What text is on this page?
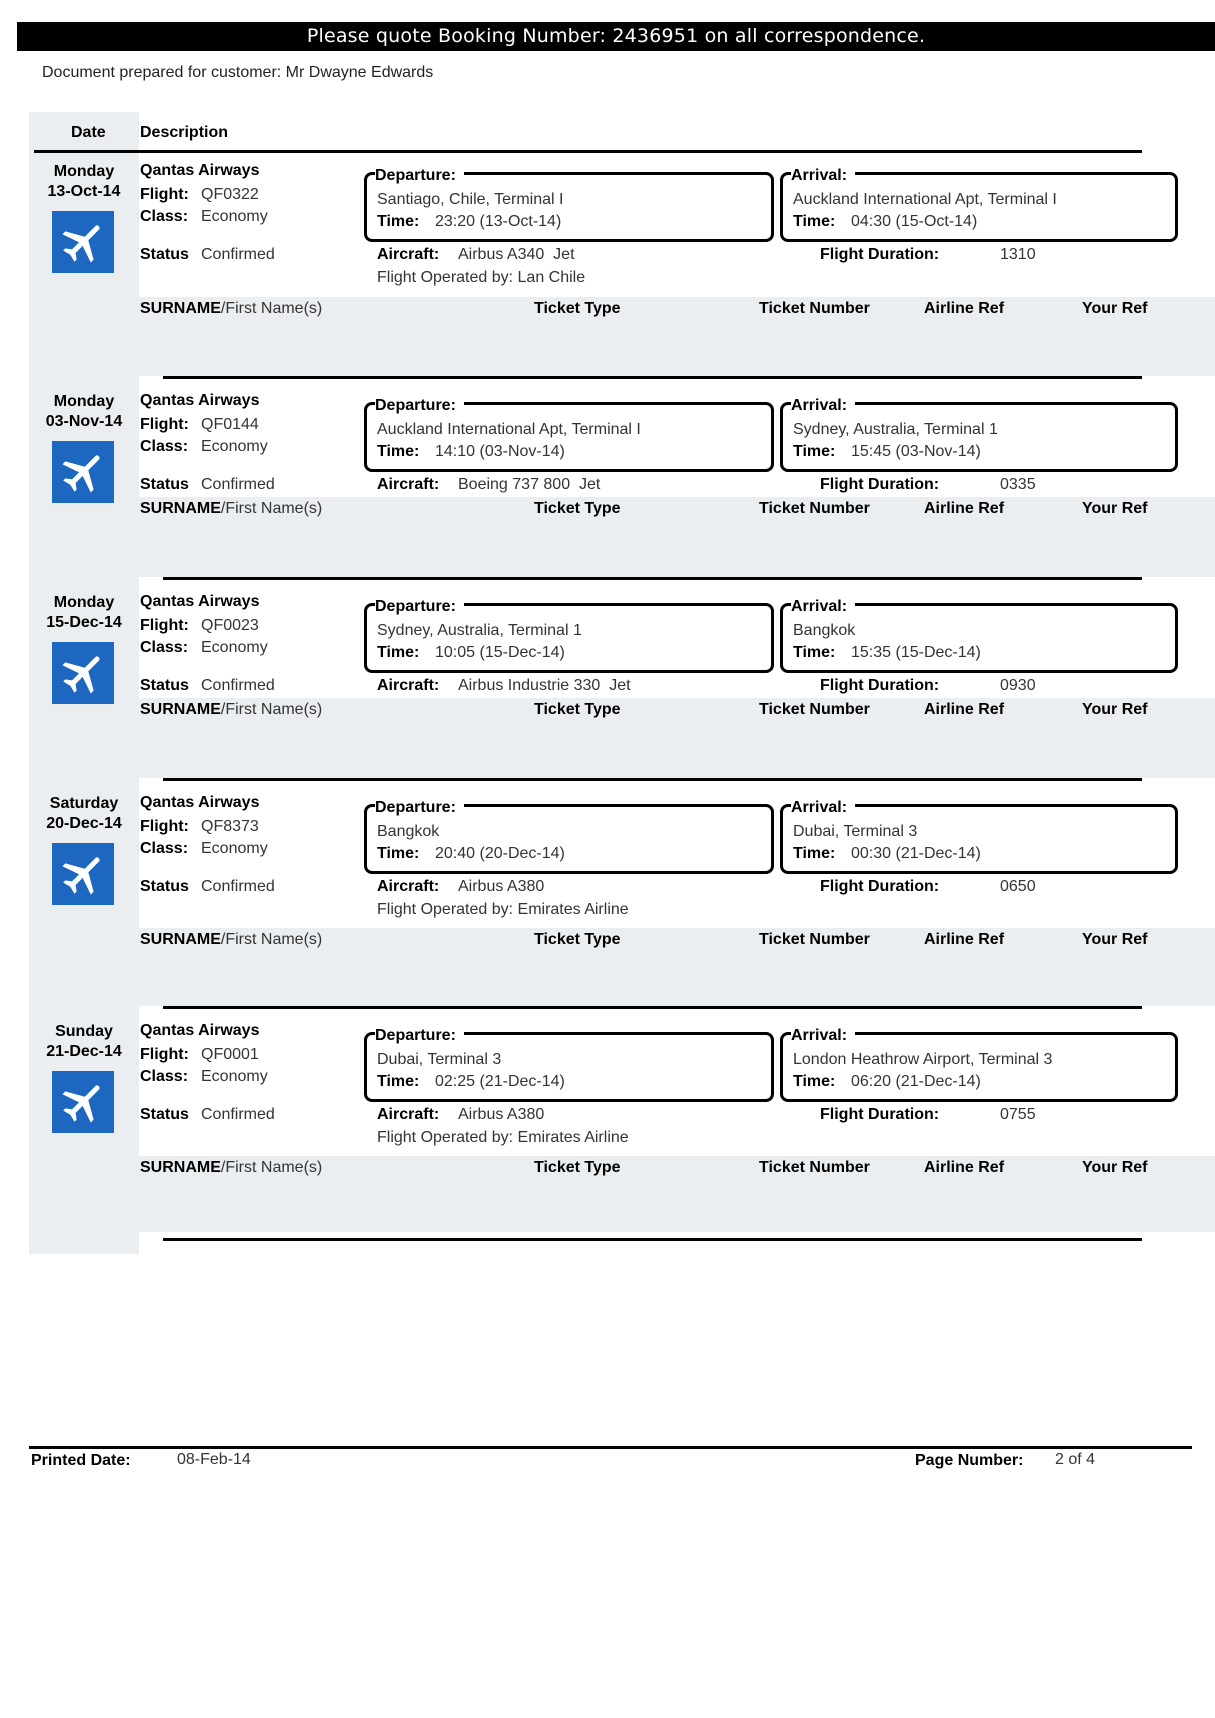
Please quote Booking Number: 2436951 on all correspondence.
Document prepared for customer: Mr Dwayne Edwards
Date Description
Monday
13-Oct-14
Qantas Airways
Flight: QF0322
Class: Economy
Status Confirmed
Departure:
Santiago, Chile, Terminal I
Time: 23:20 (13-Oct-14)
Arrival:
Auckland International Apt, Terminal I
Time: 04:30 (15-Oct-14)
Aircraft: Airbus A340  Jet	Flight Duration:	1310
Flight Operated by: Lan Chile
SURNAME/First Name(s)	Ticket Type	Ticket Number	Airline Ref	Your Ref
Monday
03-Nov-14
Qantas Airways
Flight: QF0144
Class: Economy
Status Confirmed
Departure:
Auckland International Apt, Terminal I
Time: 14:10 (03-Nov-14)
Arrival:
Sydney, Australia, Terminal 1
Time: 15:45 (03-Nov-14)
Aircraft: Boeing 737 800  Jet	Flight Duration:	0335
SURNAME/First Name(s)	Ticket Type	Ticket Number	Airline Ref	Your Ref
Monday
15-Dec-14
Qantas Airways
Flight: QF0023
Class: Economy
Status Confirmed
Departure:
Sydney, Australia, Terminal 1
Time: 10:05 (15-Dec-14)
Arrival:
Bangkok
Time: 15:35 (15-Dec-14)
Aircraft: Airbus Industrie 330  Jet	Flight Duration:	0930
SURNAME/First Name(s)	Ticket Type	Ticket Number	Airline Ref	Your Ref
Saturday
20-Dec-14
Qantas Airways
Flight: QF8373
Class: Economy
Status Confirmed
Departure:
Bangkok
Time: 20:40 (20-Dec-14)
Arrival:
Dubai, Terminal 3
Time: 00:30 (21-Dec-14)
Aircraft: Airbus A380	Flight Duration:	0650
Flight Operated by: Emirates Airline
SURNAME/First Name(s)	Ticket Type	Ticket Number	Airline Ref	Your Ref
Sunday
21-Dec-14
Qantas Airways
Flight: QF0001
Class: Economy
Status Confirmed
Departure:
Dubai, Terminal 3
Time: 02:25 (21-Dec-14)
Arrival:
London Heathrow Airport, Terminal 3
Time: 06:20 (21-Dec-14)
Aircraft: Airbus A380	Flight Duration:	0755
Flight Operated by: Emirates Airline
SURNAME/First Name(s)	Ticket Type	Ticket Number	Airline Ref	Your Ref
Printed Date:	08-Feb-14	Page Number: 2 of 4
